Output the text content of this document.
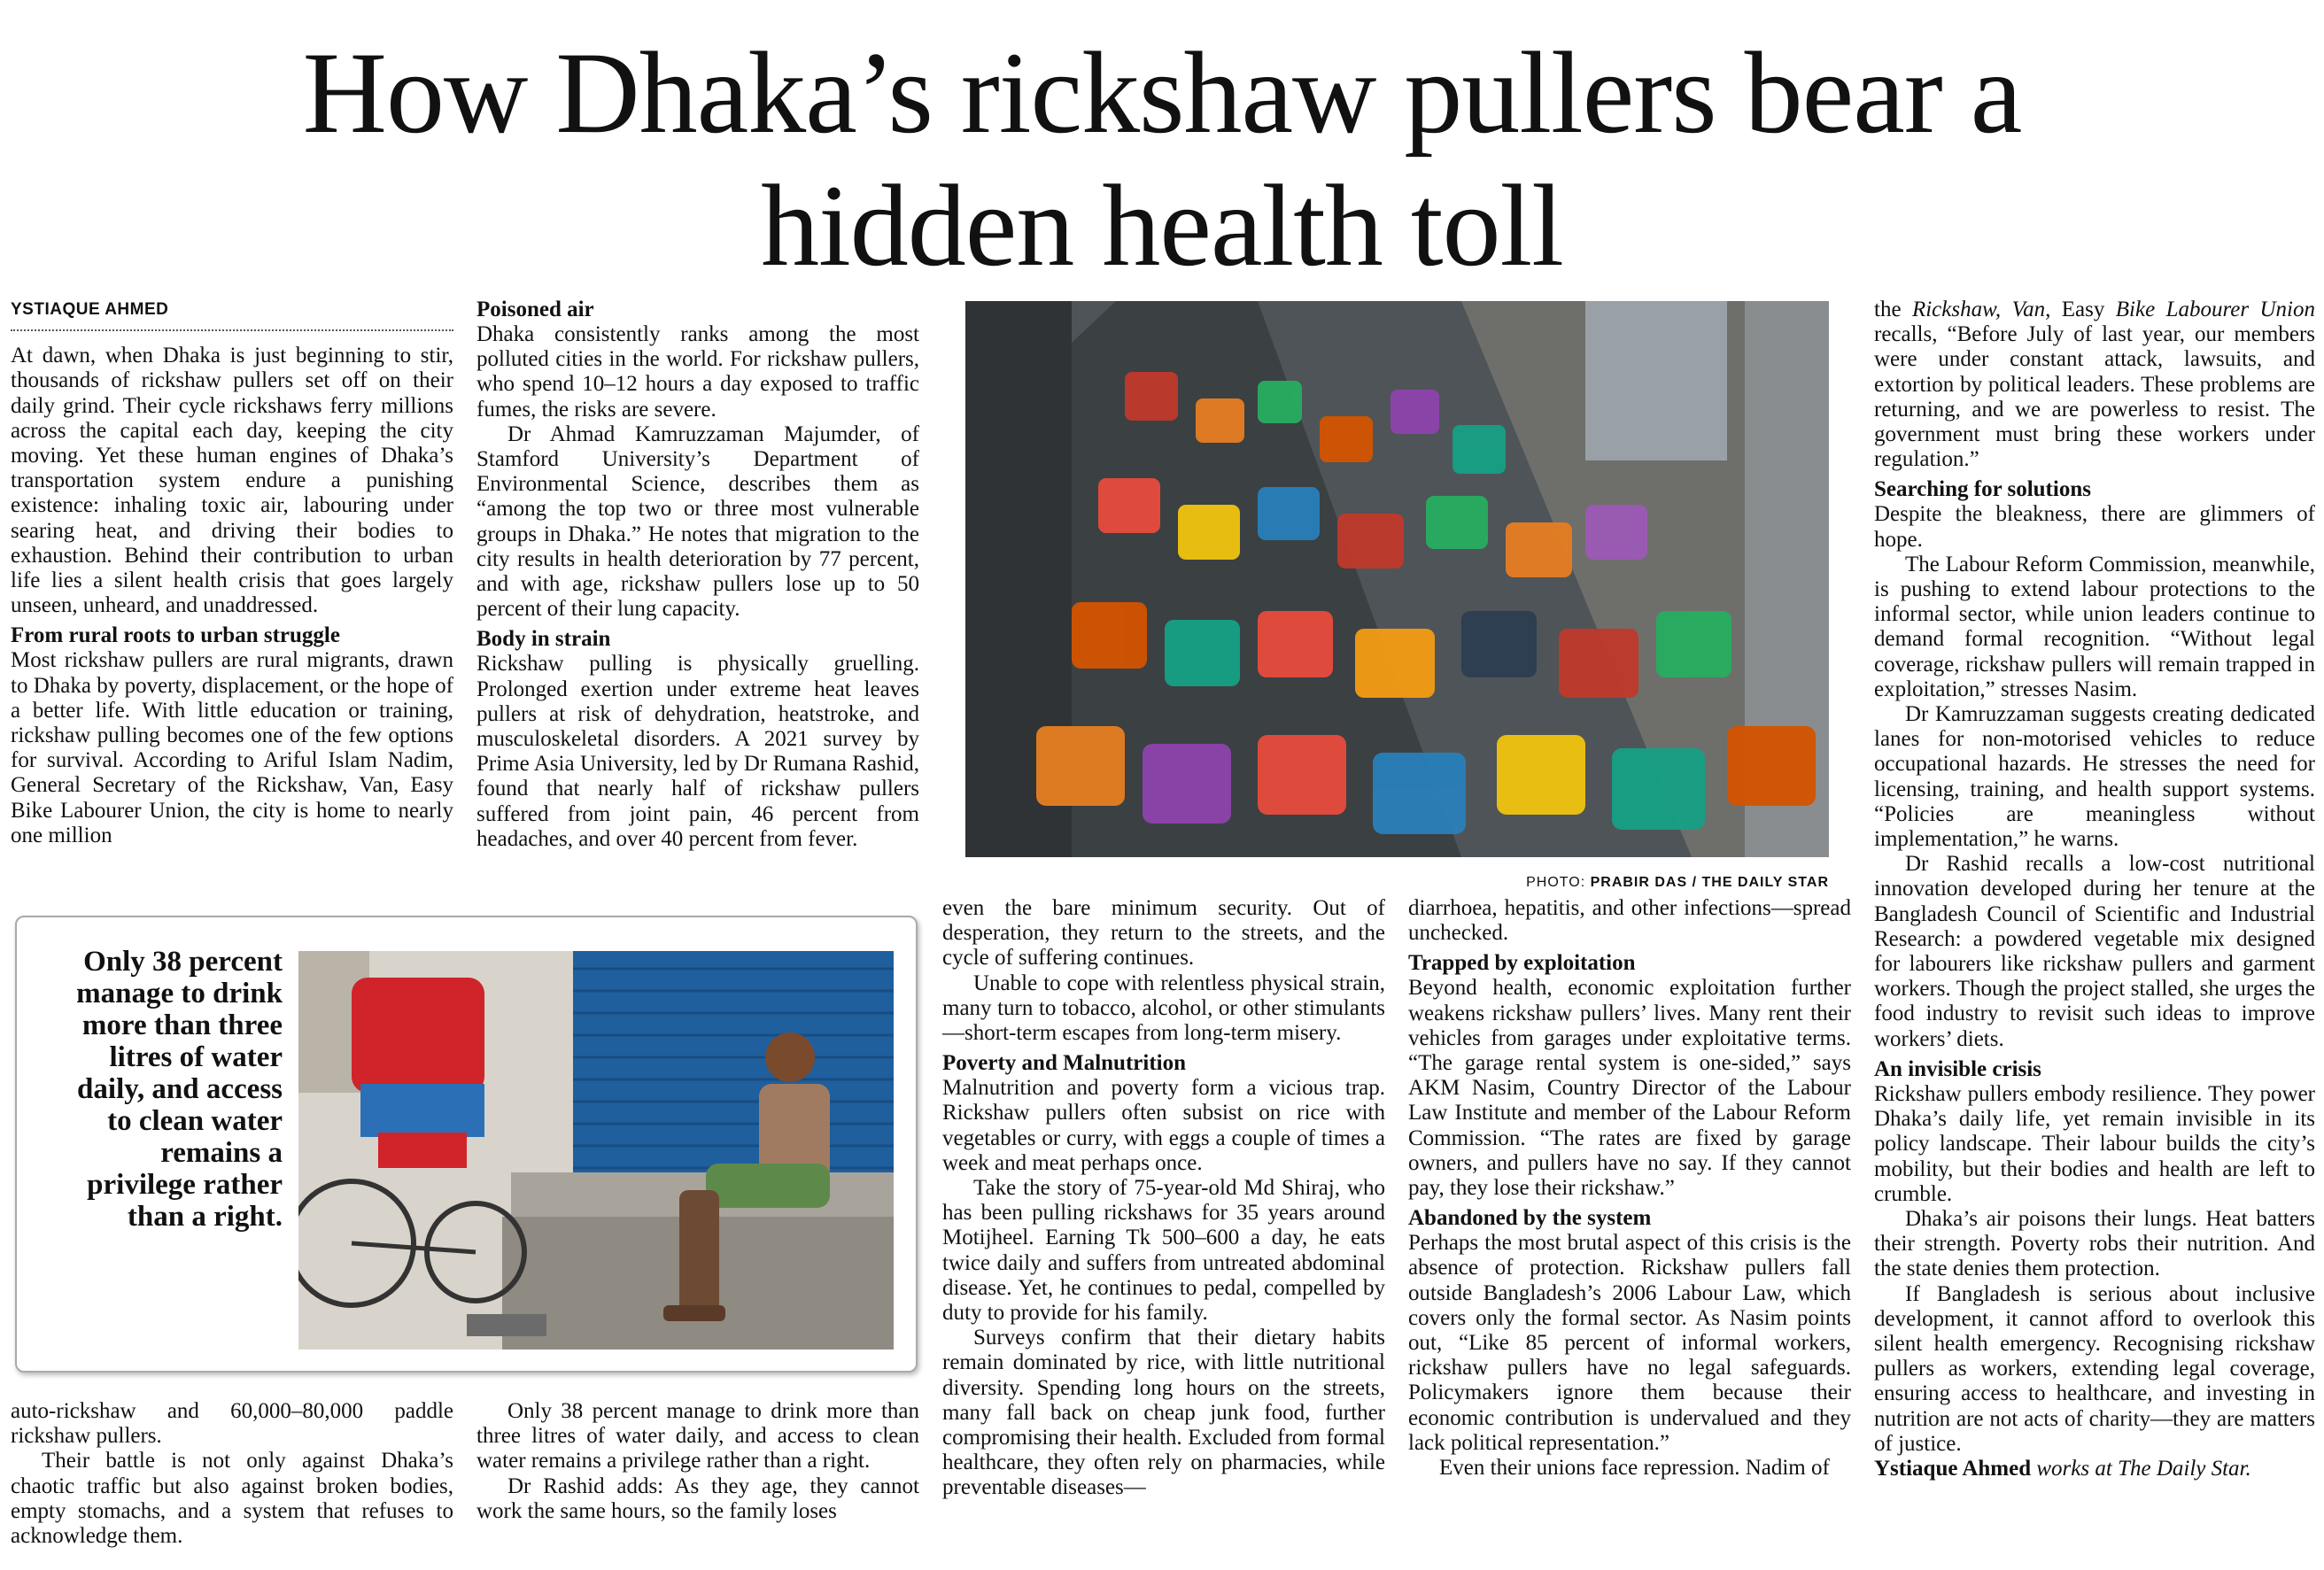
How Dhaka’s rickshaw pullers bear a
hidden health toll
YSTIAQUE AHMED

At dawn, when Dhaka is just beginning to stir, thousands of rickshaw pullers set off on their daily grind. Their cycle rickshaws ferry millions across the capital each day, keeping the city moving. Yet these human engines of Dhaka’s transportation system endure a punishing existence: inhaling toxic air, labouring under searing heat, and driving their bodies to exhaustion. Behind their contribution to urban life lies a silent health crisis that goes largely unseen, unheard, and unaddressed.

From rural roots to urban struggle

Most rickshaw pullers are rural migrants, drawn to Dhaka by poverty, displacement, or the hope of a better life. With little education or training, rickshaw pulling becomes one of the few options for survival. According to Ariful Islam Nadim, General Secretary of the Rickshaw, Van, Easy Bike Labourer Union, the city is home to nearly one million

Poisoned air

Dhaka consistently ranks among the most polluted cities in the world. For rickshaw pullers, who spend 10–12 hours a day exposed to traffic fumes, the risks are severe.

Dr Ahmad Kamruzzaman Majumder, of Stamford University’s Department of Environmental Science, describes them as “among the top two or three most vulnerable groups in Dhaka.” He notes that migration to the city results in health deterioration by 77 percent, and with age, rickshaw pullers lose up to 50 percent of their lung capacity.

Body in strain

Rickshaw pulling is physically gruelling. Prolonged exertion under extreme heat leaves pullers at risk of dehydration, heatstroke, and musculoskeletal disorders. A 2021 survey by Prime Asia University, led by Dr Rumana Rashid, found that nearly half of rickshaw pullers suffered from joint pain, 46 percent from headaches, and over 40 percent from fever.

PHOTO: PRABIR DAS / THE DAILY STAR
Only 38 percent manage to drink more than three litres of water daily, and access to clean water remains a privilege rather than a right.

auto-rickshaw and 60,000–80,000 paddle rickshaw pullers.

Their battle is not only against Dhaka’s chaotic traffic but also against broken bodies, empty stomachs, and a system that refuses to acknowledge them.

Only 38 percent manage to drink more than three litres of water daily, and access to clean water remains a privilege rather than a right.

Dr Rashid adds: As they age, they cannot work the same hours, so the family loses

even the bare minimum security. Out of desperation, they return to the streets, and the cycle of suffering continues.

Unable to cope with relentless physical strain, many turn to tobacco, alcohol, or other stimulants—short-term escapes from long-term misery.

Poverty and Malnutrition

Malnutrition and poverty form a vicious trap. Rickshaw pullers often subsist on rice with vegetables or curry, with eggs a couple of times a week and meat perhaps once.

Take the story of 75-year-old Md Shiraj, who has been pulling rickshaws for 35 years around Motijheel. Earning Tk 500–600 a day, he eats twice daily and suffers from untreated abdominal disease. Yet, he continues to pedal, compelled by duty to provide for his family.

Surveys confirm that their dietary habits remain dominated by rice, with little nutritional diversity. Spending long hours on the streets, many fall back on cheap junk food, further compromising their health. Excluded from formal healthcare, they often rely on pharmacies, while preventable diseases—

diarrhoea, hepatitis, and other infections—spread unchecked.

Trapped by exploitation

Beyond health, economic exploitation further weakens rickshaw pullers’ lives. Many rent their vehicles from garages under exploitative terms. “The garage rental system is one-sided,” says AKM Nasim, Country Director of the Labour Law Institute and member of the Labour Reform Commission. “The rates are fixed by garage owners, and pullers have no say. If they cannot pay, they lose their rickshaw.”

Abandoned by the system

Perhaps the most brutal aspect of this crisis is the absence of protection. Rickshaw pullers fall outside Bangladesh’s 2006 Labour Law, which covers only the formal sector. As Nasim points out, “Like 85 percent of informal workers, rickshaw pullers have no legal safeguards. Policymakers ignore them because their economic contribution is undervalued and they lack political representation.”

Even their unions face repression. Nadim of

the Rickshaw, Van, Easy Bike Labourer Union recalls, “Before July of last year, our members were under constant attack, lawsuits, and extortion by political leaders. These problems are returning, and we are powerless to resist. The government must bring these workers under regulation.”

Searching for solutions

Despite the bleakness, there are glimmers of hope.

The Labour Reform Commission, meanwhile, is pushing to extend labour protections to the informal sector, while union leaders continue to demand formal recognition. “Without legal coverage, rickshaw pullers will remain trapped in exploitation,” stresses Nasim.

Dr Kamruzzaman suggests creating dedicated lanes for non-motorised vehicles to reduce occupational hazards. He stresses the need for licensing, training, and health support systems. “Policies are meaningless without implementation,” he warns.

Dr Rashid recalls a low-cost nutritional innovation developed during her tenure at the Bangladesh Council of Scientific and Industrial Research: a powdered vegetable mix designed for labourers like rickshaw pullers and garment workers. Though the project stalled, she urges the food industry to revisit such ideas to improve workers’ diets.

An invisible crisis

Rickshaw pullers embody resilience. They power Dhaka’s daily life, yet remain invisible in its policy landscape. Their labour builds the city’s mobility, but their bodies and health are left to crumble.

Dhaka’s air poisons their lungs. Heat batters their strength. Poverty robs their nutrition. And the state denies them protection.

If Bangladesh is serious about inclusive development, it cannot afford to overlook this silent health emergency. Recognising rickshaw pullers as workers, extending legal coverage, ensuring access to healthcare, and investing in nutrition are not acts of charity—they are matters of justice.

Ystiaque Ahmed works at The Daily Star.
